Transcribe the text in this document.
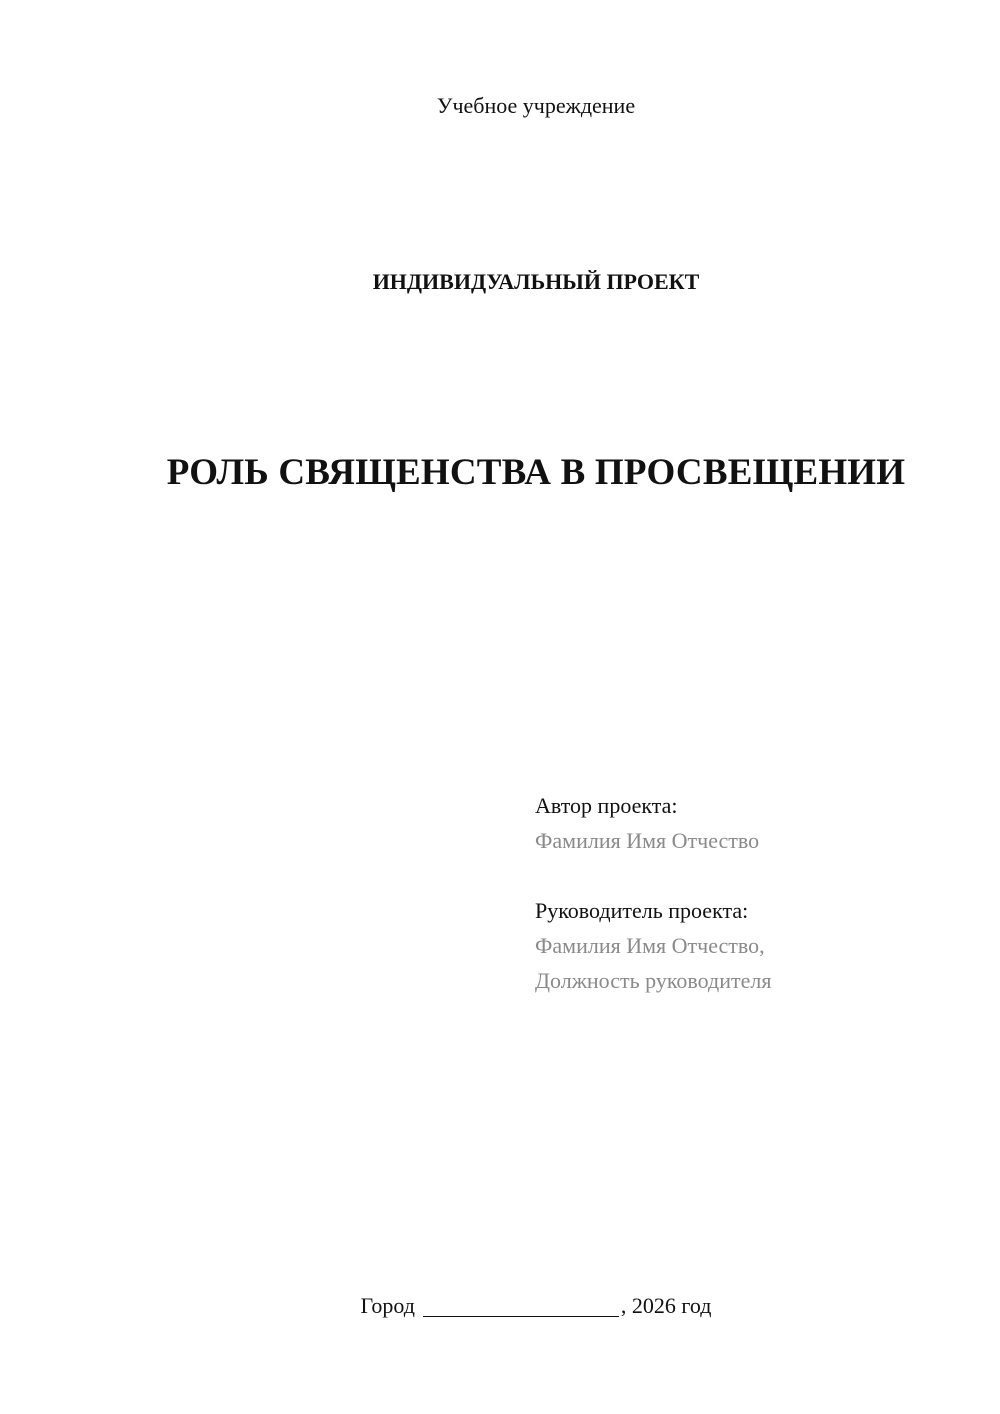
Учебное учреждение
ИНДИВИДУАЛЬНЫЙ ПРОЕКТ
РОЛЬ СВЯЩЕНСТВА В ПРОСВЕЩЕНИИ
Автор проекта:
Фамилия Имя Отчество
Руководитель проекта:
Фамилия Имя Отчество,
Должность руководителя
Город	, 2026 год
